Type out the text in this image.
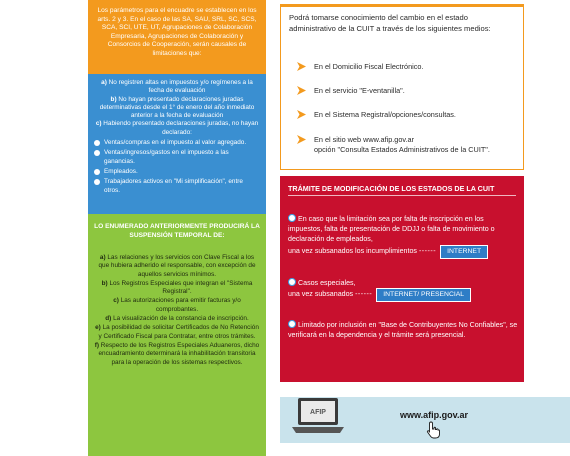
Los parámetros para el encuadre se establecen en los arts. 2 y 3. En el caso de las SA, SAU, SRL, SC, SCS, SCA, SCI, UTE, UT, Agrupaciones de Colaboración Empresaria, Agrupaciones de Colaboración y Consorcios de Cooperación, serán causales de limitaciones que:
a) No registren altas en impuestos y/o regímenes a la fecha de evaluación
b) No hayan presentado declaraciones juradas determinativas desde el 1° de enero del año inmediato anterior a la fecha de evaluación
c) Habiendo presentado declaraciones juradas, no hayan declarado:
Ventas/compras en el impuesto al valor agregado.
Ventas/ingresos/gastos en el impuesto a las ganancias.
Empleados.
Trabajadores activos en "Mi simplificación", entre otros.
LO ENUMERADO ANTERIORMENTE PRODUCIRÁ LA SUSPENSIÓN TEMPORAL DE:

a) Las relaciones y los servicios con Clave Fiscal a los que hubiera adherido el responsable, con excepción de aquellos servicios mínimos.

b) Los Registros Especiales que integran el "Sistema Registral".

c) Las autorizaciones para emitir facturas y/o comprobantes.

d) La visualización de la constancia de inscripción.

e) La posibilidad de solicitar Certificados de No Retención y Certificado Fiscal para Contratar, entre otros trámites.

f) Respecto de los Registros Especiales Aduaneros, dicho encuadramiento determinará la inhabilitación transitoria para la operación de los sistemas respectivos.

Podrá tomarse conocimiento del cambio en el estado administrativo de la CUIT a través de los siguientes medios:
En el Domicilio Fiscal Electrónico.
En el servicio "E-ventanilla".
En el Sistema Registral/opciones/consultas.
En el sitio web www.afip.gov.ar
opción "Consulta Estados Administrativos de la CUIT".
TRÁMITE DE MODIFICACIÓN DE LOS ESTADOS DE LA CUIT
En caso que la limitación sea por falta de inscripción en los impuestos, falta de presentación de DDJJ o falta de movimiento o declaración de empleados,
una vez subsanados los incumplimientos ------ INTERNET
Casos especiales,
una vez subsanados ------ INTERNET/ PRESENCIAL
Limitado por inclusión en "Base de Contribuyentes No Confiables", se verificará en la dependencia y el trámite será presencial.
AFIP	www.afip.gov.ar
